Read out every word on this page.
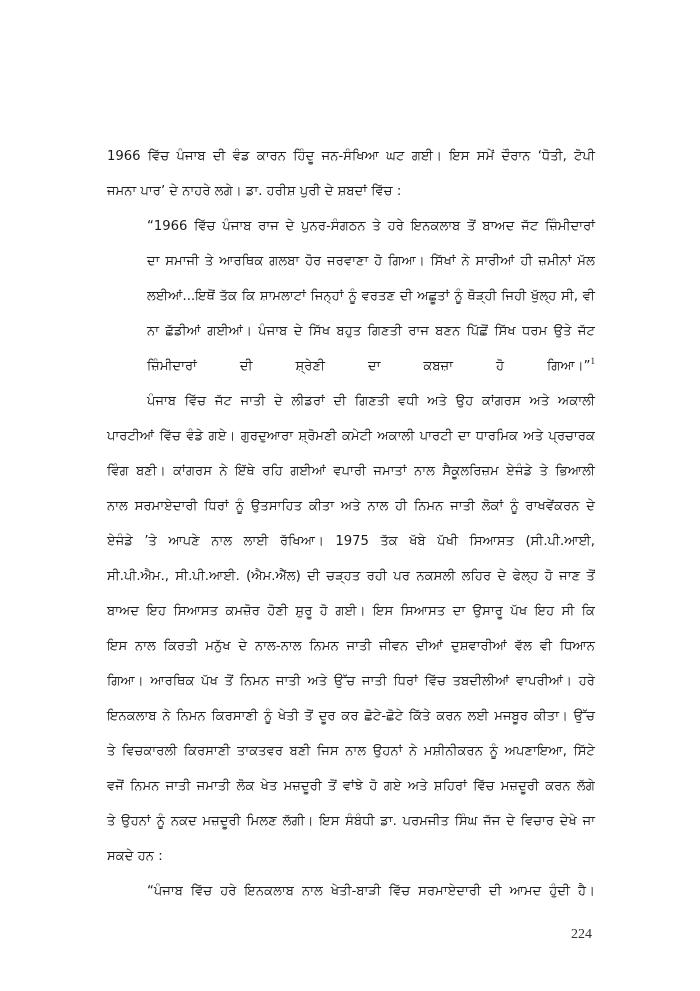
1966 ਵਿੱਚ ਪੰਜਾਬ ਦੀ ਵੰਡ ਕਾਰਨ ਹਿੰਦੂ ਜਨ-ਸੰਖਿਆ ਘਟ ਗਈ। ਇਸ ਸਮੇਂ ਦੌਰਾਨ ‘ਧੋਤੀ, ਟੋਪੀ
ਜਮਨਾ ਪਾਰ’ ਦੇ ਨਾਹਰੇ ਲਗੇ। ਡਾ. ਹਰੀਸ਼ ਪੁਰੀ ਦੇ ਸ਼ਬਦਾਂ ਵਿੱਚ :
“1966 ਵਿੱਚ ਪੰਜਾਬ ਰਾਜ ਦੇ ਪੁਨਰ-ਸੰਗਠਨ ਤੇ ਹਰੇ ਇਨਕਲਾਬ ਤੋਂ ਬਾਅਦ ਜੱਟ ਜ਼ਿੰਮੀਦਾਰਾਂ
ਦਾ ਸਮਾਜੀ ਤੇ ਆਰਥਿਕ ਗਲਬਾ ਹੋਰ ਜਰਵਾਣਾ ਹੋ ਗਿਆ। ਸਿੱਖਾਂ ਨੇ ਸਾਰੀਆਂ ਹੀ ਜ਼ਮੀਨਾਂ ਮੱਲ
ਲਈਆਂ...ਇਥੋਂ ਤੱਕ ਕਿ ਸ਼ਾਮਲਾਟਾਂ ਜਿਨ੍ਹਾਂ ਨੂੰ ਵਰਤਣ ਦੀ ਅਛੂਤਾਂ ਨੂੰ ਥੋੜ੍ਹੀ ਜਿਹੀ ਖੁੱਲ੍ਹ ਸੀ, ਵੀ
ਨਾ ਛੱਡੀਆਂ ਗਈਆਂ। ਪੰਜਾਬ ਦੇ ਸਿੱਖ ਬਹੁਤ ਗਿਣਤੀ ਰਾਜ ਬਣਨ ਪਿੱਛੋਂ ਸਿੱਖ ਧਰਮ ਉਤੇ ਜੱਟ
ਜ਼ਿੰਮੀਦਾਰਾਂ ਦੀ ਸ਼੍ਰੇਣੀ ਦਾ ਕਬਜ਼ਾ ਹੋ ਗਿਆ।”$^1$
ਪੰਜਾਬ ਵਿੱਚ ਜੱਟ ਜਾਤੀ ਦੇ ਲੀਡਰਾਂ ਦੀ ਗਿਣਤੀ ਵਧੀ ਅਤੇ ਉਹ ਕਾਂਗਰਸ ਅਤੇ ਅਕਾਲੀ
ਪਾਰਟੀਆਂ ਵਿੱਚ ਵੰਡੇ ਗਏ। ਗੁਰਦੁਆਰਾ ਸ਼੍ਰੋਮਣੀ ਕਮੇਟੀ ਅਕਾਲੀ ਪਾਰਟੀ ਦਾ ਧਾਰਮਿਕ ਅਤੇ ਪ੍ਰਚਾਰਕ
ਵਿੰਗ ਬਣੀ। ਕਾਂਗਰਸ ਨੇ ਇੱਥੇ ਰਹਿ ਗਈਆਂ ਵਪਾਰੀ ਜਮਾਤਾਂ ਨਾਲ ਸੈਕੂਲਰਿਜ਼ਮ ਏਜੰਡੇ ਤੇ ਭਿਆਲੀ
ਨਾਲ ਸਰਮਾਏਦਾਰੀ ਧਿਰਾਂ ਨੂੰ ਉਤਸਾਹਿਤ ਕੀਤਾ ਅਤੇ ਨਾਲ ਹੀ ਨਿਮਨ ਜਾਤੀ ਲੋਕਾਂ ਨੂੰ ਰਾਖਵੇਂਕਰਨ ਦੇ
ਏਜੰਡੇ ’ਤੇ ਆਪਣੇ ਨਾਲ ਲਾਈ ਰੱਖਿਆ। 1975 ਤੱਕ ਖੱਬੇ ਪੱਖੀ ਸਿਆਸਤ (ਸੀ.ਪੀ.ਆਈ,
ਸੀ.ਪੀ.ਐਮ., ਸੀ.ਪੀ.ਆਈ. (ਐਮ.ਐੱਲ) ਦੀ ਚੜ੍ਹਤ ਰਹੀ ਪਰ ਨਕਸਲੀ ਲਹਿਰ ਦੇ ਫੇਲ੍ਹ ਹੋ ਜਾਣ ਤੋਂ
ਬਾਅਦ ਇਹ ਸਿਆਸਤ ਕਮਜ਼ੋਰ ਹੋਣੀ ਸ਼ੁਰੂ ਹੋ ਗਈ। ਇਸ ਸਿਆਸਤ ਦਾ ਉਸਾਰੂ ਪੱਖ ਇਹ ਸੀ ਕਿ
ਇਸ ਨਾਲ ਕਿਰਤੀ ਮਨੁੱਖ ਦੇ ਨਾਲ-ਨਾਲ ਨਿਮਨ ਜਾਤੀ ਜੀਵਨ ਦੀਆਂ ਦੁਸ਼ਵਾਰੀਆਂ ਵੱਲ ਵੀ ਧਿਆਨ
ਗਿਆ। ਆਰਥਿਕ ਪੱਖ ਤੋਂ ਨਿਮਨ ਜਾਤੀ ਅਤੇ ਉੱਚ ਜਾਤੀ ਧਿਰਾਂ ਵਿੱਚ ਤਬਦੀਲੀਆਂ ਵਾਪਰੀਆਂ। ਹਰੇ
ਇਨਕਲਾਬ ਨੇ ਨਿਮਨ ਕਿਰਸਾਣੀ ਨੂੰ ਖੇਤੀ ਤੋਂ ਦੂਰ ਕਰ ਛੋਟੇ-ਛੋਟੇ ਕਿੱਤੇ ਕਰਨ ਲਈ ਮਜਬੂਰ ਕੀਤਾ। ਉੱਚ
ਤੇ ਵਿਚਕਾਰਲੀ ਕਿਰਸਾਣੀ ਤਾਕਤਵਰ ਬਣੀ ਜਿਸ ਨਾਲ ਉਹਨਾਂ ਨੇ ਮਸ਼ੀਨੀਕਰਨ ਨੂੰ ਅਪਣਾਇਆ, ਸਿੱਟੇ
ਵਜੋਂ ਨਿਮਨ ਜਾਤੀ ਜਮਾਤੀ ਲੋਕ ਖੇਤ ਮਜ਼ਦੂਰੀ ਤੋਂ ਵਾਂਝੇ ਹੋ ਗਏ ਅਤੇ ਸ਼ਹਿਰਾਂ ਵਿੱਚ ਮਜ਼ਦੂਰੀ ਕਰਨ ਲੱਗੇ
ਤੇ ਉਹਨਾਂ ਨੂੰ ਨਕਦ ਮਜ਼ਦੂਰੀ ਮਿਲਣ ਲੱਗੀ। ਇਸ ਸੰਬੰਧੀ ਡਾ. ਪਰਮਜੀਤ ਸਿੰਘ ਜੱਜ ਦੇ ਵਿਚਾਰ ਦੇਖੇ ਜਾ
ਸਕਦੇ ਹਨ :
“ਪੰਜਾਬ ਵਿੱਚ ਹਰੇ ਇਨਕਲਾਬ ਨਾਲ ਖੇਤੀ-ਬਾੜੀ ਵਿੱਚ ਸਰਮਾਏਦਾਰੀ ਦੀ ਆਮਦ ਹੁੰਦੀ ਹੈ।
224
